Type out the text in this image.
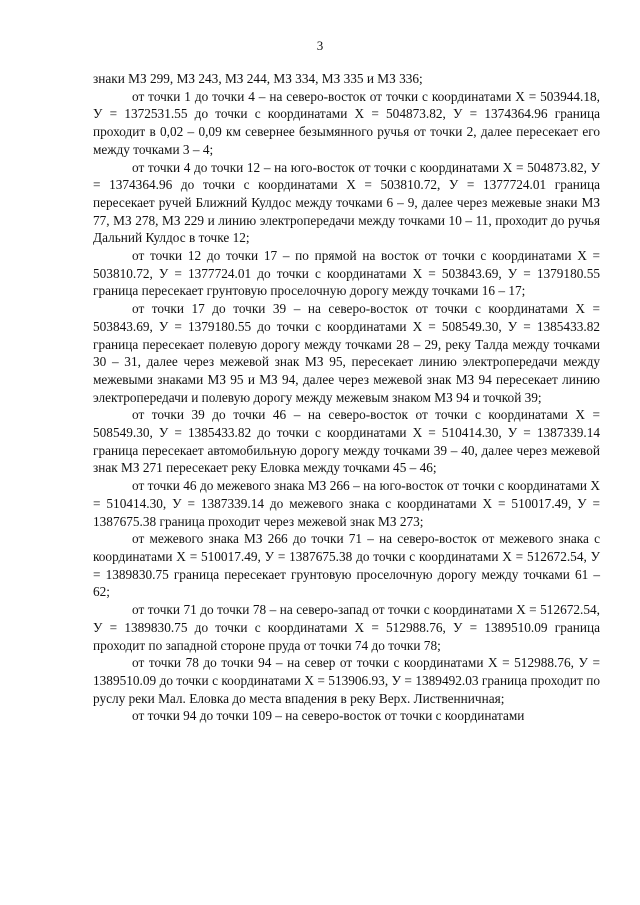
3

знаки МЗ 299, МЗ 243, МЗ 244, МЗ 334, МЗ 335 и МЗ 336;

от точки 1 до точки 4 – на северо-восток от точки с координатами Х = 503944.18, У = 1372531.55 до точки с координатами Х = 504873.82, У = 1374364.96 граница проходит в 0,02 – 0,09 км севернее безымянного ручья от точки 2, далее пересекает его между точками 3 – 4;

от точки 4 до точки 12 – на юго-восток от точки с координатами Х = 504873.82, У = 1374364.96 до точки с координатами Х = 503810.72, У = 1377724.01 граница пересекает ручей Ближний Кулдос между точками 6 – 9, далее через межевые знаки МЗ 77, МЗ 278, МЗ 229 и линию электропередачи между точками 10 – 11, проходит до ручья Дальний Кулдос в точке 12;

от точки 12 до точки 17 – по прямой на восток от точки с координатами Х = 503810.72, У = 1377724.01 до точки с координатами Х = 503843.69, У = 1379180.55 граница пересекает грунтовую проселочную дорогу между точками 16 – 17;

от точки 17 до точки 39 – на северо-восток от точки с координатами Х = 503843.69, У = 1379180.55 до точки с координатами Х = 508549.30, У = 1385433.82 граница пересекает полевую дорогу между точками 28 – 29, реку Талда между точками 30 – 31, далее через межевой знак МЗ 95, пересекает линию электропередачи между межевыми знаками МЗ 95 и МЗ 94, далее через межевой знак МЗ 94 пересекает линию электропередачи и полевую дорогу между межевым знаком МЗ 94 и точкой 39;

от точки 39 до точки 46 – на северо-восток от точки с координатами Х = 508549.30, У = 1385433.82 до точки с координатами Х = 510414.30, У = 1387339.14 граница пересекает автомобильную дорогу между точками 39 – 40, далее через межевой знак МЗ 271 пересекает реку Еловка между точками 45 – 46;

от точки 46 до межевого знака МЗ 266 – на юго-восток от точки с координатами Х = 510414.30, У = 1387339.14 до межевого знака с координатами Х = 510017.49, У = 1387675.38 граница проходит через межевой знак МЗ 273;

от межевого знака МЗ 266 до точки 71 – на северо-восток от межевого знака с координатами Х = 510017.49, У = 1387675.38 до точки с координатами Х = 512672.54, У = 1389830.75 граница пересекает грунтовую проселочную дорогу между точками 61 – 62;

от точки 71 до точки 78 – на северо-запад от точки с координатами Х = 512672.54, У = 1389830.75 до точки с координатами Х = 512988.76, У = 1389510.09 граница проходит по западной стороне пруда от точки 74 до точки 78;

от точки 78 до точки 94 – на север от точки с координатами Х = 512988.76, У = 1389510.09 до точки с координатами Х = 513906.93, У = 1389492.03 граница проходит по руслу реки Мал. Еловка до места впадения в реку Верх. Лиственничная;

от точки 94 до точки 109 – на северо-восток от точки с координатами
